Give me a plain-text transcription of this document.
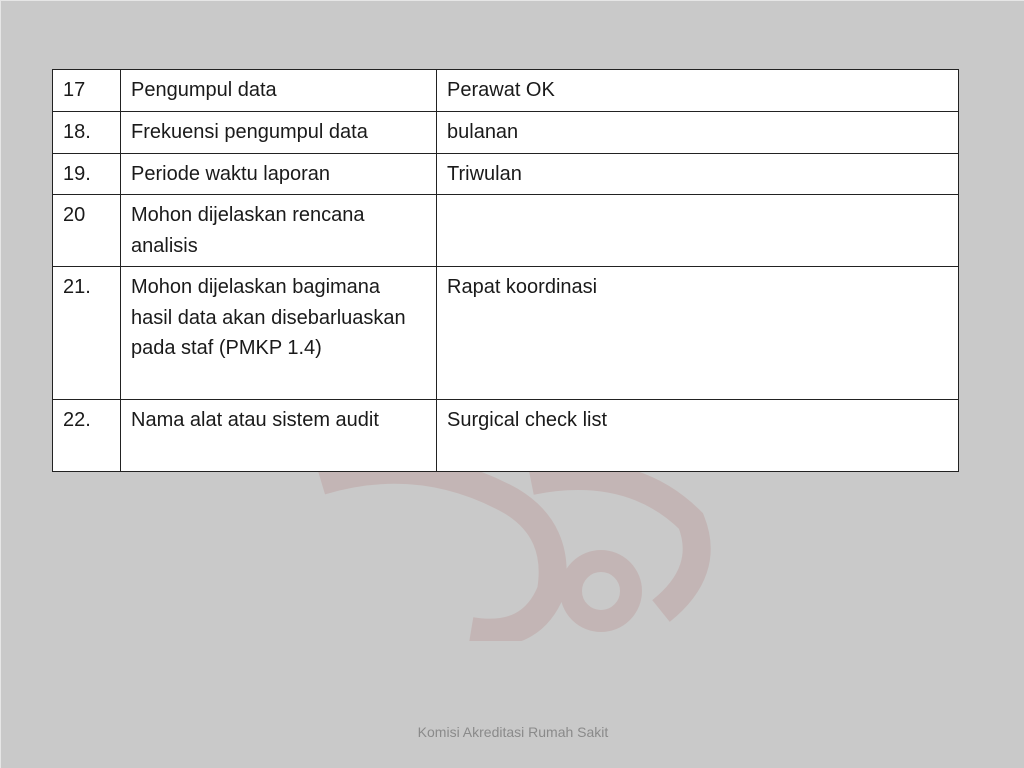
17	Pengumpul data	Perawat OK
18.	Frekuensi pengumpul data	bulanan
19.	Periode waktu laporan	Triwulan
20	Mohon dijelaskan rencana analisis	
21.	Mohon dijelaskan bagimana hasil data akan disebarluaskan pada staf (PMKP 1.4)	Rapat koordinasi
22.	Nama alat atau sistem audit	Surgical check list
Komisi Akreditasi Rumah Sakit
